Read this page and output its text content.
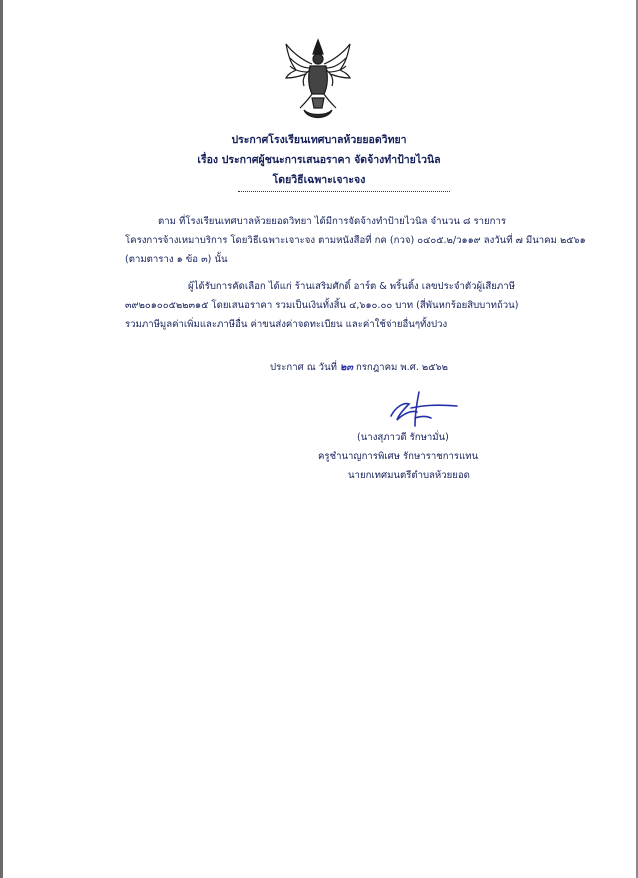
ประกาศโรงเรียนเทศบาลห้วยยอดวิทยา
เรื่อง ประกาศผู้ชนะการเสนอราคา จัดจ้างทำป้ายไวนิล
โดยวิธีเฉพาะเจาะจง
ตาม ที่โรงเรียนเทศบาลห้วยยอดวิทยา ได้มีการจัดจ้างทำป้ายไวนิล จำนวน ๘ รายการ
โครงการจ้างเหมาบริการ โดยวิธีเฉพาะเจาะจง ตามหนังสือที่ กค (กวจ) ๐๔๐๕.๒/ว๑๑๙ ลงวันที่ ๗ มีนาคม ๒๕๖๑
(ตามตาราง ๑ ข้อ ๓) นั้น
ผู้ได้รับการคัดเลือก ได้แก่ ร้านเสริมศักดิ์ อาร์ต & พริ้นติ้ง เลขประจำตัวผู้เสียภาษี
๓๙๒๐๑๐๐๕๒๒๓๑๕ โดยเสนอราคา รวมเป็นเงินทั้งสิ้น ๔,๖๑๐.๐๐ บาท (สี่พันหกร้อยสิบบาทถ้วน)
รวมภาษีมูลค่าเพิ่มและภาษีอื่น ค่าขนส่งค่าจดทะเบียน และค่าใช้จ่ายอื่นๆทั้งปวง
ประกาศ ณ วันที่ ๒๓ กรกฎาคม พ.ศ. ๒๕๖๒
(นางสุภาวดี รักษามั่น)
ครูชำนาญการพิเศษ รักษาราชการแทน
นายกเทศมนตรีตำบลห้วยยอด
